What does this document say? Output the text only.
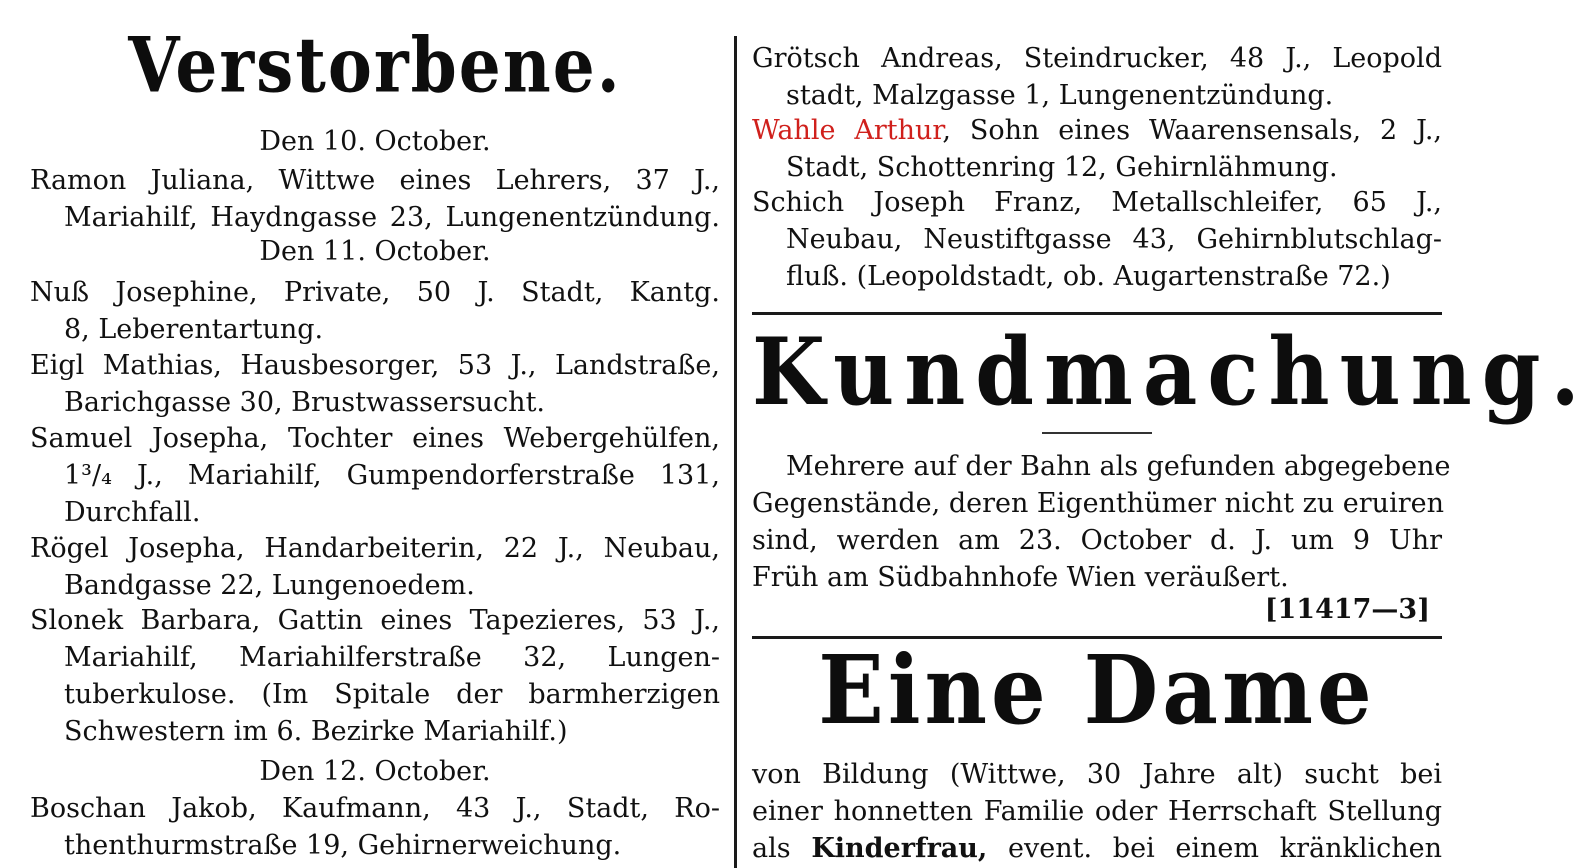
Verstorbene.
Den 10. October.
Ramon Juliana, Wittwe eines Lehrers, 37 J.,
Mariahilf, Haydngasse 23, Lungenentzündung.
Den 11. October.
Nuß Josephine, Private, 50 J. Stadt, Kantg.
8, Leberentartung.
Eigl Mathias, Hausbesorger, 53 J., Landstraße,
Barichgasse 30, Brustwassersucht.
Samuel Josepha, Tochter eines Webergehülfen,
1³/₄ J., Mariahilf, Gumpendorferstraße 131,
Durchfall.
Rögel Josepha, Handarbeiterin, 22 J., Neubau,
Bandgasse 22, Lungenoedem.
Slonek Barbara, Gattin eines Tapezieres, 53 J.,
Mariahilf, Mariahilferstraße 32, Lungen-
tuberkulose. (Im Spitale der barmherzigen
Schwestern im 6. Bezirke Mariahilf.)
Den 12. October.
Boschan Jakob, Kaufmann, 43 J., Stadt, Ro-
thenthurmstraße 19, Gehirnerweichung.
Grötsch Andreas, Steindrucker, 48 J., Leopold
stadt, Malzgasse 1, Lungenentzündung.
Wahle Arthur, Sohn eines Waarensensals, 2 J.,
Stadt, Schottenring 12, Gehirnlähmung.
Schich Joseph Franz, Metallschleifer, 65 J.,
Neubau, Neustiftgasse 43, Gehirnblutschlag-
fluß. (Leopoldstadt, ob. Augartenstraße 72.)
Kundmachung.
Mehrere auf der Bahn als gefunden abgegebene
Gegenstände, deren Eigenthümer nicht zu eruiren
sind, werden am 23. October d. J. um 9 Uhr
Früh am Südbahnhofe Wien veräußert.
[11417—3]
Eine Dame
von Bildung (Wittwe, 30 Jahre alt) sucht bei
einer honnetten Familie oder Herrschaft Stellung
als Kinderfrau, event. bei einem kränklichen
